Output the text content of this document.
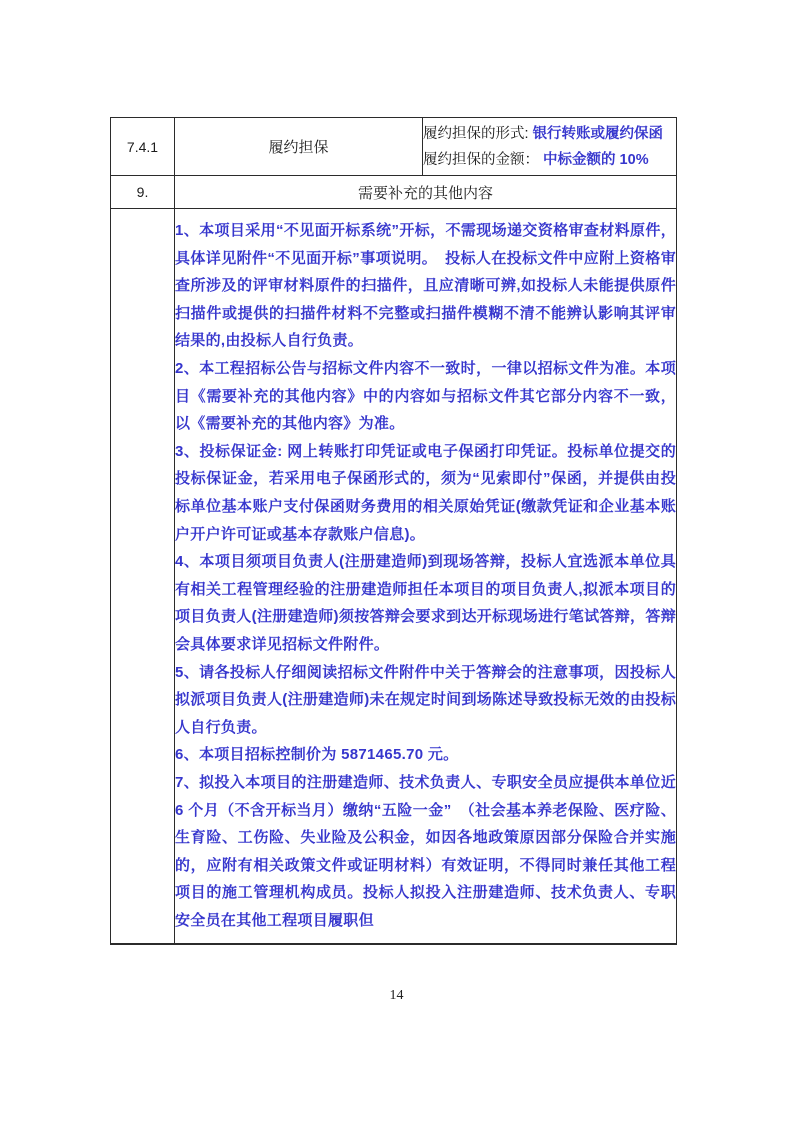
7.4.1	履约担保	履约担保的形式: 银行转账或履约保函
履约担保的金额： 中标金额的 10%

9.	需要补充的其他内容	

1、本项目采用“不见面开标系统”开标，不需现场递交资格审查材料原件，具体详见附件“不见面开标”事项说明。　投标人在投标文件中应附上资格审查所涉及的评审材料原件的扫描件，且应清晰可辨,如投标人未能提供原件扫描件或提供的扫描件材料不完整或扫描件模糊不清不能辨认影响其评审结果的,由投标人自行负责。

2、本工程招标公告与招标文件内容不一致时，一律以招标文件为准。本项目《需要补充的其他内容》中的内容如与招标文件其它部分内容不一致，以《需要补充的其他内容》为准。

3、投标保证金: 网上转账打印凭证或电子保函打印凭证。投标单位提交的投标保证金，若采用电子保函形式的，须为“见索即付”保函，并提供由投标单位基本账户支付保函财务费用的相关原始凭证(缴款凭证和企业基本账户开户许可证或基本存款账户信息)。

4、本项目须项目负责人(注册建造师)到现场答辩，投标人宜选派本单位具有相关工程管理经验的注册建造师担任本项目的项目负责人,拟派本项目的项目负责人(注册建造师)须按答辩会要求到达开标现场进行笔试答辩，答辩会具体要求详见招标文件附件。

5、请各投标人仔细阅读招标文件附件中关于答辩会的注意事项，因投标人拟派项目负责人(注册建造师)未在规定时间到场陈述导致投标无效的由投标人自行负责。

6、本项目招标控制价为 5871465.70 元。

7、拟投入本项目的注册建造师、技术负责人、专职安全员应提供本单位近 6 个月（不含开标当月）缴纳“五险一金”　（社会基本养老保险、医疗险、生育险、工伤险、失业险及公积金，如因各地政策原因部分保险合并实施的，应附有相关政策文件或证明材料）有效证明，不得同时兼任其他工程项目的施工管理机构成员。投标人拟投入注册建造师、技术负责人、专职安全员在其他工程项目履职但

14
